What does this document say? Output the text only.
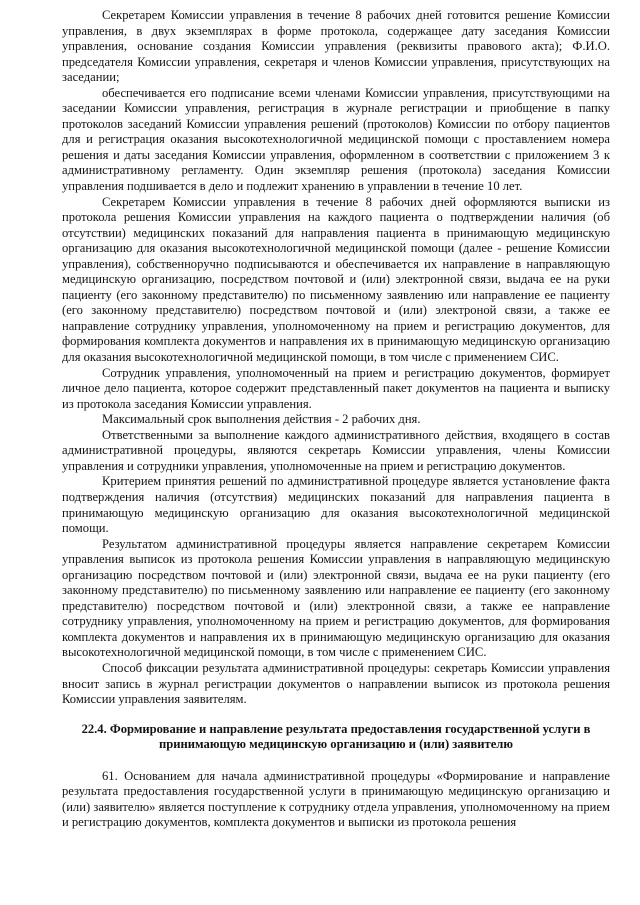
Секретарем Комиссии управления в течение 8 рабочих дней готовится решение Комиссии управления, в двух экземплярах в форме протокола, содержащее дату заседания Комиссии управления, основание создания Комиссии управления (реквизиты правового акта); Ф.И.О. председателя Комиссии управления, секретаря и членов Комиссии управления, присутствующих на заседании;

обеспечивается его подписание всеми членами Комиссии управления, присутствующими на заседании Комиссии управления, регистрация в журнале регистрации и приобщение в папку протоколов заседаний Комиссии управления решений (протоколов) Комиссии по отбору пациентов для и регистрация оказания высокотехнологичной медицинской помощи с проставлением номера решения и даты заседания Комиссии управления, оформленном в соответствии с приложением 3 к административному регламенту. Один экземпляр решения (протокола) заседания Комиссии управления подшивается в дело и подлежит хранению в управлении в течение 10 лет.

Секретарем Комиссии управления в течение 8 рабочих дней оформляются выписки из протокола решения Комиссии управления на каждого пациента о подтверждении наличия (об отсутствии) медицинских показаний для направления пациента в принимающую медицинскую организацию для оказания высокотехнологичной медицинской помощи (далее - решение Комиссии управления), собственноручно подписываются и обеспечивается их направление в направляющую медицинскую организацию, посредством почтовой и (или) электронной связи, выдача ее на руки пациенту (его законному представителю) по письменному заявлению или направление ее пациенту (его законному представителю) посредством почтовой и (или) электроной связи, а также ее направление сотруднику управления, уполномоченному на прием и регистрацию документов, для формирования комплекта документов и направления их в принимающую медицинскую организацию для оказания высокотехнологичной медицинской помощи, в том числе с применением СИС.

Сотрудник управления, уполномоченный на прием и регистрацию документов, формирует личное дело пациента, которое содержит представленный пакет документов на пациента и выписку из протокола заседания Комиссии управления.

Максимальный срок выполнения действия - 2 рабочих дня.

Ответственными за выполнение каждого административного действия, входящего в состав административной процедуры, являются секретарь Комиссии управления, члены Комиссии управления и сотрудники управления, уполномоченные на прием и регистрацию документов.

Критерием принятия решений по административной процедуре является установление факта подтверждения наличия (отсутствия) медицинских показаний для направления пациента в принимающую медицинскую организацию для оказания высокотехнологичной медицинской помощи.

Результатом административной процедуры является направление секретарем Комиссии управления выписок из протокола решения Комиссии управления в направляющую медицинскую организацию посредством почтовой и (или) электронной связи, выдача ее на руки пациенту (его законному представителю) по письменному заявлению или направление ее пациенту (его законному представителю) посредством почтовой и (или) электронной связи, а также ее направление сотруднику управления, уполномоченному на прием и регистрацию документов, для формирования комплекта документов и направления их в принимающую медицинскую организацию для оказания высокотехнологичной медицинской помощи, в том числе с применением СИС.

Способ фиксации результата административной процедуры: секретарь Комиссии управления вносит запись в журнал регистрации документов о направлении выписок из протокола решения Комиссии управления заявителям.

22.4. Формирование и направление результата предоставления государственной услуги в
принимающую медицинскую организацию и (или) заявителю

61. Основанием для начала административной процедуры «Формирование и направление результата предоставления государственной услуги в принимающую медицинскую организацию и (или) заявителю» является поступление к сотруднику отдела управления, уполномоченному на прием и регистрацию документов, комплекта документов и выписки из протокола решения
